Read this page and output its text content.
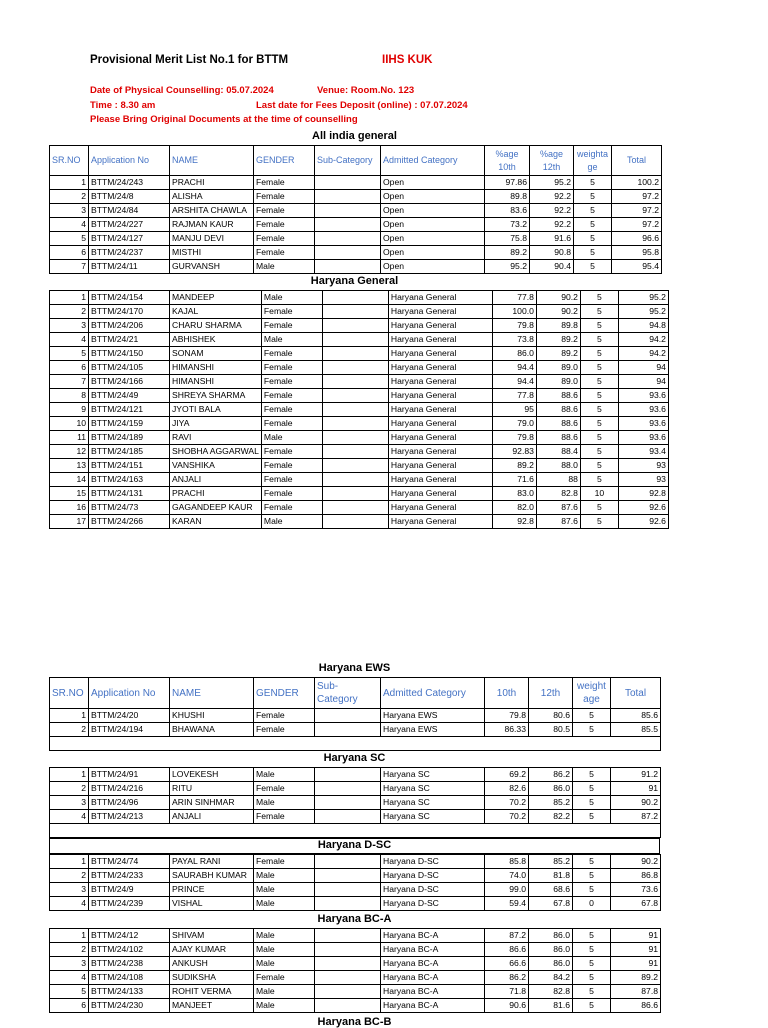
Provisional Merit List No.1 for BTTM	IIHS KUK
Date of Physical Counselling: 05.07.2024	Venue: Room.No. 123
Time : 8.30 am	Last date for Fees Deposit (online) : 07.07.2024
Please Bring Original Documents at the time of counselling
All india general
SR.NO	Application No	NAME	GENDER	Sub-Category	Admitted Category	%age 10th	%age 12th	weightage	Total
1	BTTM/24/243	PRACHI	Female		Open	97.86	95.2	5	100.2
2	BTTM/24/8	ALISHA	Female		Open	89.8	92.2	5	97.2
3	BTTM/24/84	ARSHITA CHAWLA	Female		Open	83.6	92.2	5	97.2
4	BTTM/24/227	RAJMAN KAUR	Female		Open	73.2	92.2	5	97.2
5	BTTM/24/127	MANJU DEVI	Female		Open	75.8	91.6	5	96.6
6	BTTM/24/237	MISTHI	Female		Open	89.2	90.8	5	95.8
7	BTTM/24/11	GURVANSH	Male		Open	95.2	90.4	5	95.4
Haryana General
1	BTTM/24/154	MANDEEP	Male		Haryana General	77.8	90.2	5	95.2
2	BTTM/24/170	KAJAL	Female		Haryana General	100.0	90.2	5	95.2
3	BTTM/24/206	CHARU SHARMA	Female		Haryana General	79.8	89.8	5	94.8
4	BTTM/24/21	ABHISHEK	Male		Haryana General	73.8	89.2	5	94.2
5	BTTM/24/150	SONAM	Female		Haryana General	86.0	89.2	5	94.2
6	BTTM/24/105	HIMANSHI	Female		Haryana General	94.4	89.0	5	94
7	BTTM/24/166	HIMANSHI	Female		Haryana General	94.4	89.0	5	94
8	BTTM/24/49	SHREYA SHARMA	Female		Haryana General	77.8	88.6	5	93.6
9	BTTM/24/121	JYOTI BALA	Female		Haryana General	95	88.6	5	93.6
10	BTTM/24/159	JIYA	Female		Haryana General	79.0	88.6	5	93.6
11	BTTM/24/189	RAVI	Male		Haryana General	79.8	88.6	5	93.6
12	BTTM/24/185	SHOBHA AGGARWAL	Female		Haryana General	92.83	88.4	5	93.4
13	BTTM/24/151	VANSHIKA	Female		Haryana General	89.2	88.0	5	93
14	BTTM/24/163	ANJALI	Female		Haryana General	71.6	88	5	93
15	BTTM/24/131	PRACHI	Female		Haryana General	83.0	82.8	10	92.8
16	BTTM/24/73	GAGANDEEP KAUR	Female		Haryana General	82.0	87.6	5	92.6
17	BTTM/24/266	KARAN	Male		Haryana General	92.8	87.6	5	92.6
Haryana EWS
SR.NO	Application No	NAME	GENDER	Sub-Category	Admitted Category	10th	12th	weightage	Total
1	BTTM/24/20	KHUSHI	Female		Haryana EWS	79.8	80.6	5	85.6
2	BTTM/24/194	BHAWANA	Female		Haryana EWS	86.33	80.5	5	85.5

Haryana SC
1	BTTM/24/91	LOVEKESH	Male		Haryana SC	69.2	86.2	5	91.2
2	BTTM/24/216	RITU	Female		Haryana SC	82.6	86.0	5	91
3	BTTM/24/96	ARIN SINHMAR	Male		Haryana SC	70.2	85.2	5	90.2
4	BTTM/24/213	ANJALI	Female		Haryana SC	70.2	82.2	5	87.2

Haryana D-SC
1	BTTM/24/74	PAYAL RANI	Female		Haryana D-SC	85.8	85.2	5	90.2
2	BTTM/24/233	SAURABH KUMAR	Male		Haryana D-SC	74.0	81.8	5	86.8
3	BTTM/24/9	PRINCE	Male		Haryana D-SC	99.0	68.6	5	73.6
4	BTTM/24/239	VISHAL	Male		Haryana D-SC	59.4	67.8	0	67.8
Haryana BC-A
1	BTTM/24/12	SHIVAM	Male		Haryana BC-A	87.2	86.0	5	91
2	BTTM/24/102	AJAY KUMAR	Male		Haryana BC-A	86.6	86.0	5	91
3	BTTM/24/238	ANKUSH	Male		Haryana BC-A	66.6	86.0	5	91
4	BTTM/24/108	SUDIKSHA	Female		Haryana BC-A	86.2	84.2	5	89.2
5	BTTM/24/133	ROHIT VERMA	Male		Haryana BC-A	71.8	82.8	5	87.8
6	BTTM/24/230	MANJEET	Male		Haryana BC-A	90.6	81.6	5	86.6
Haryana BC-B
